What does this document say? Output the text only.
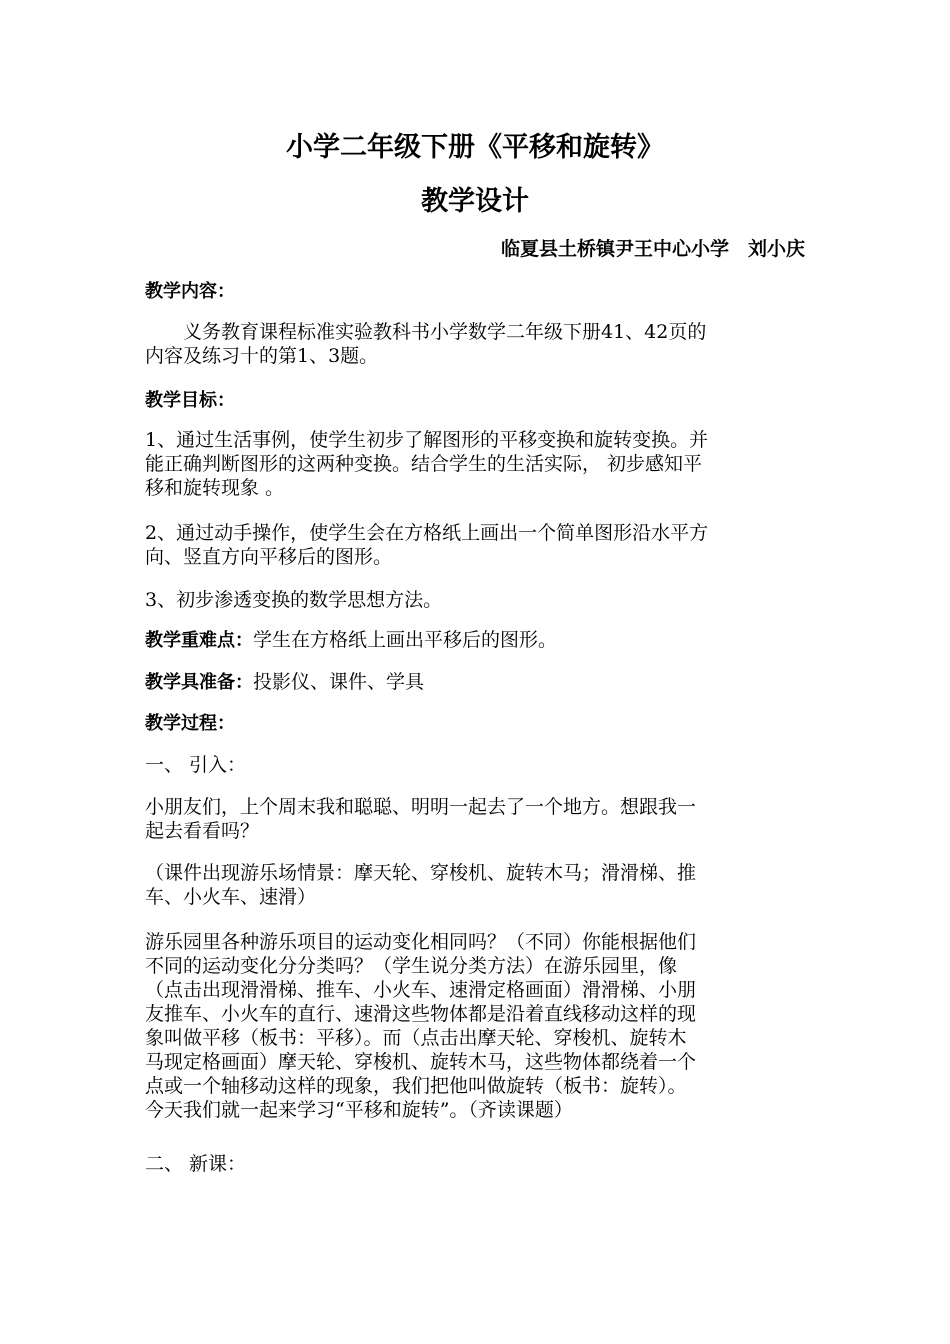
小学二年级下册《平移和旋转》
教学设计
临夏县土桥镇尹王中心小学　刘小庆
教学内容：
义务教育课程标准实验教科书小学数学二年级下册41、42页的
内容及练习十的第1、3题。
教学目标：
1、通过生活事例，使学生初步了解图形的平移变换和旋转变换。并
能正确判断图形的这两种变换。结合学生的生活实际， 初步感知平
移和旋转现象 。
2、通过动手操作，使学生会在方格纸上画出一个简单图形沿水平方
向、竖直方向平移后的图形。
3、初步渗透变换的数学思想方法。
教学重难点：学生在方格纸上画出平移后的图形。
教学具准备：投影仪、课件、学具
教学过程：
一、 引入：
小朋友们，上个周末我和聪聪、明明一起去了一个地方。想跟我一
起去看看吗？
（课件出现游乐场情景：摩天轮、穿梭机、旋转木马；滑滑梯、推
车、小火车、速滑）
游乐园里各种游乐项目的运动变化相同吗？（不同）你能根据他们
不同的运动变化分分类吗？（学生说分类方法）在游乐园里，像
（点击出现滑滑梯、推车、小火车、速滑定格画面）滑滑梯、小朋
友推车、小火车的直行、速滑这些物体都是沿着直线移动这样的现
象叫做平移（板书：平移）。而（点击出摩天轮、穿梭机、旋转木
马现定格画面）摩天轮、穿梭机、旋转木马，这些物体都绕着一个
点或一个轴移动这样的现象，我们把他叫做旋转（板书：旋转）。
今天我们就一起来学习“平移和旋转”。（齐读课题）
二、 新课：
